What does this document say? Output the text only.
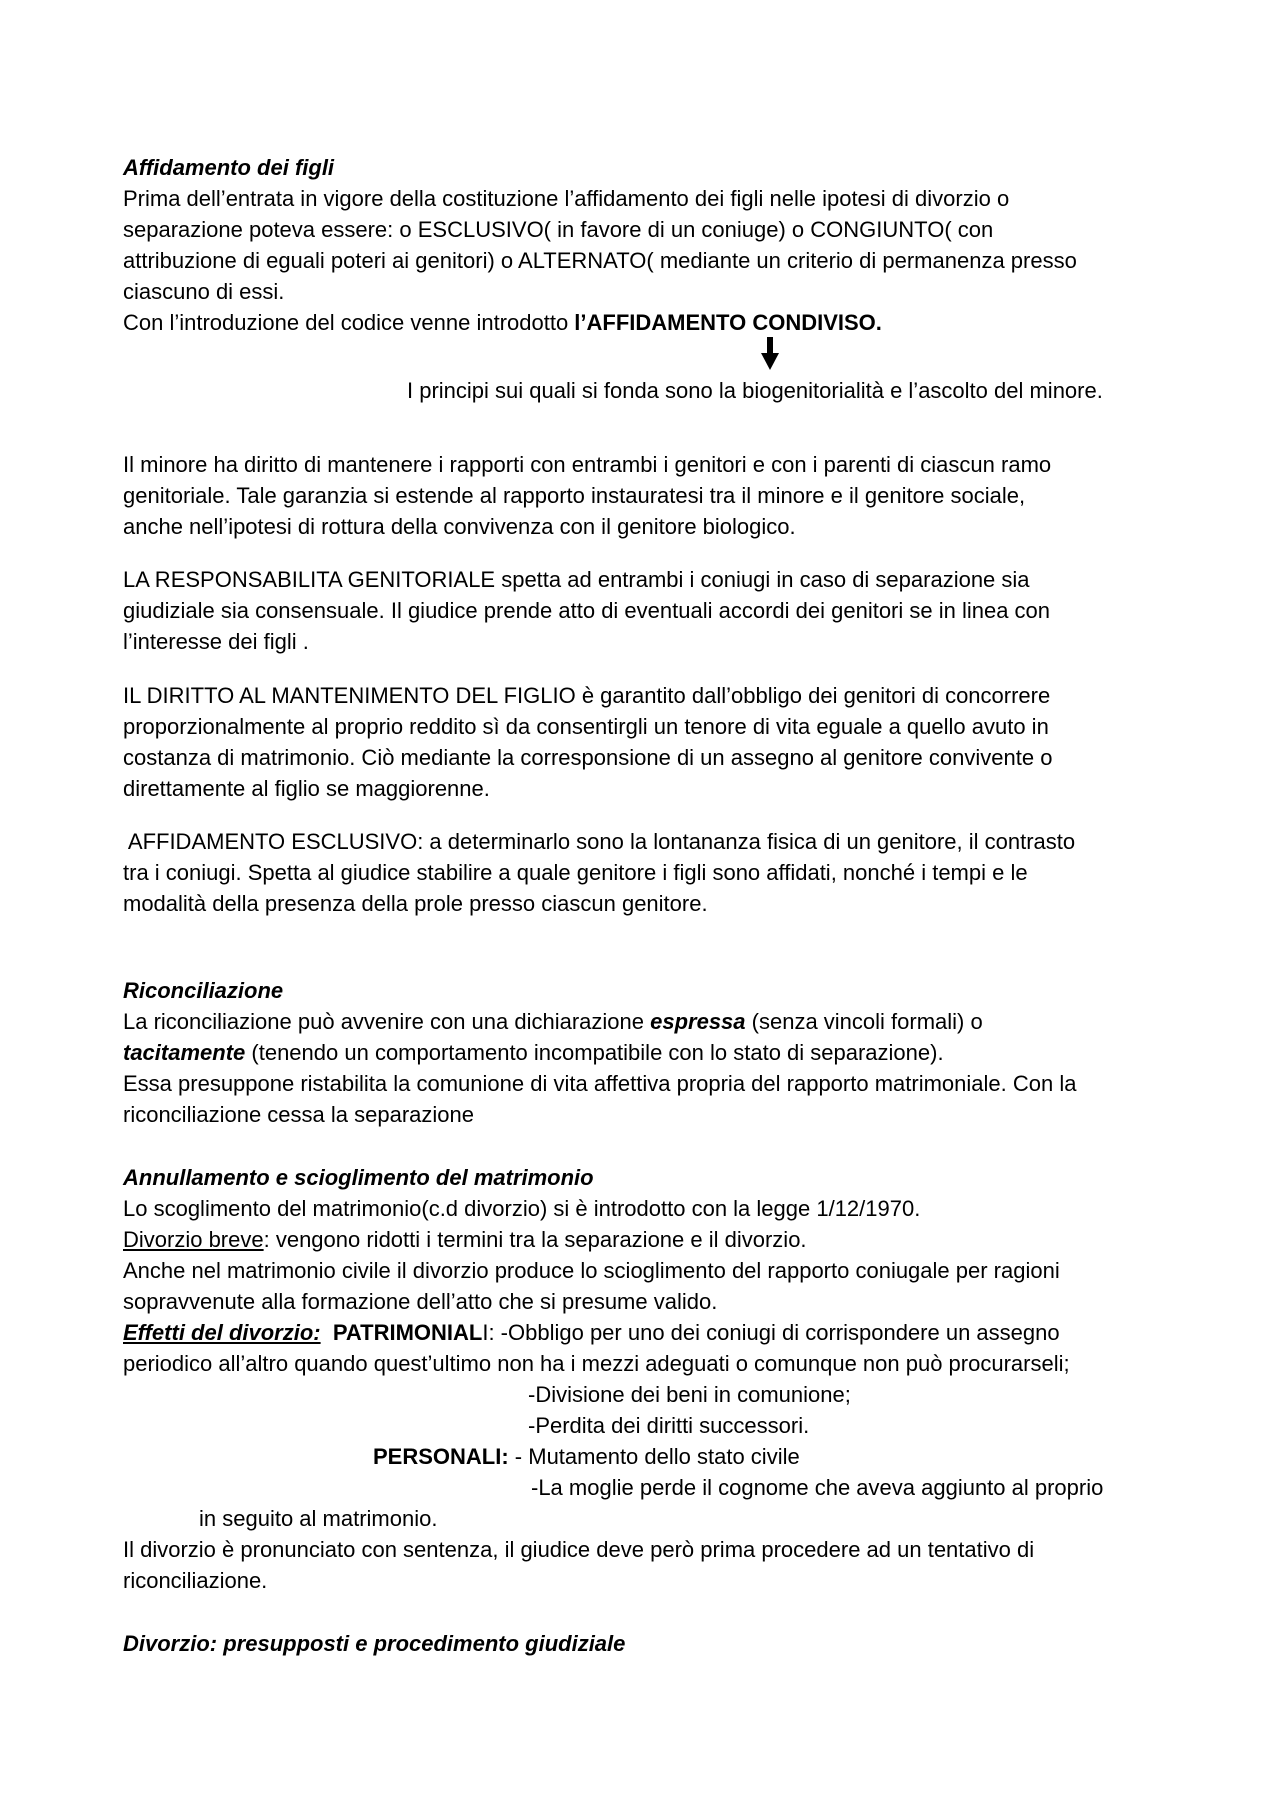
Affidamento dei figli
Prima dell’entrata in vigore della costituzione l’affidamento dei figli nelle ipotesi di divorzio o
separazione poteva essere: o ESCLUSIVO( in favore di un coniuge) o CONGIUNTO( con
attribuzione di eguali poteri ai genitori) o ALTERNATO( mediante un criterio di permanenza presso
ciascuno di essi.
Con l’introduzione del codice venne introdotto l’AFFIDAMENTO CONDIVISO.
I principi sui quali si fonda sono la biogenitorialità e l’ascolto del minore.
Il minore ha diritto di mantenere i rapporti con entrambi i genitori e con i parenti di ciascun ramo
genitoriale. Tale garanzia si estende al rapporto instauratesi tra il minore e il genitore sociale,
anche nell’ipotesi di rottura della convivenza con il genitore biologico.
LA RESPONSABILITA GENITORIALE spetta ad entrambi i coniugi in caso di separazione sia
giudiziale sia consensuale. Il giudice prende atto di eventuali accordi dei genitori se in linea con
l’interesse dei figli .
IL DIRITTO AL MANTENIMENTO DEL FIGLIO è garantito dall’obbligo dei genitori di concorrere
proporzionalmente al proprio reddito sì da consentirgli un tenore di vita eguale a quello avuto in
costanza di matrimonio. Ciò mediante la corresponsione di un assegno al genitore convivente o
direttamente al figlio se maggiorenne.
AFFIDAMENTO ESCLUSIVO: a determinarlo sono la lontananza fisica di un genitore, il contrasto
tra i coniugi. Spetta al giudice stabilire a quale genitore i figli sono affidati, nonché i tempi e le
modalità della presenza della prole presso ciascun genitore.
Riconciliazione
La riconciliazione può avvenire con una dichiarazione espressa (senza vincoli formali) o
tacitamente (tenendo un comportamento incompatibile con lo stato di separazione).
Essa presuppone ristabilita la comunione di vita affettiva propria del rapporto matrimoniale. Con la
riconciliazione cessa la separazione
Annullamento e scioglimento del matrimonio
Lo scoglimento del matrimonio(c.d divorzio) si è introdotto con la legge 1/12/1970.
Divorzio breve: vengono ridotti i termini tra la separazione e il divorzio.
Anche nel matrimonio civile il divorzio produce lo scioglimento del rapporto coniugale per ragioni
sopravvenute alla formazione dell’atto che si presume valido.
Effetti del divorzio: PATRIMONIALI: -Obbligo per uno dei coniugi di corrispondere un assegno
periodico all’altro quando quest’ultimo non ha i mezzi adeguati o comunque non può procurarseli;
-Divisione dei beni in comunione;
-Perdita dei diritti successori.
PERSONALI: - Mutamento dello stato civile
-La moglie perde il cognome che aveva aggiunto al proprio
in seguito al matrimonio.
Il divorzio è pronunciato con sentenza, il giudice deve però prima procedere ad un tentativo di
riconciliazione.
Divorzio: presupposti e procedimento giudiziale
